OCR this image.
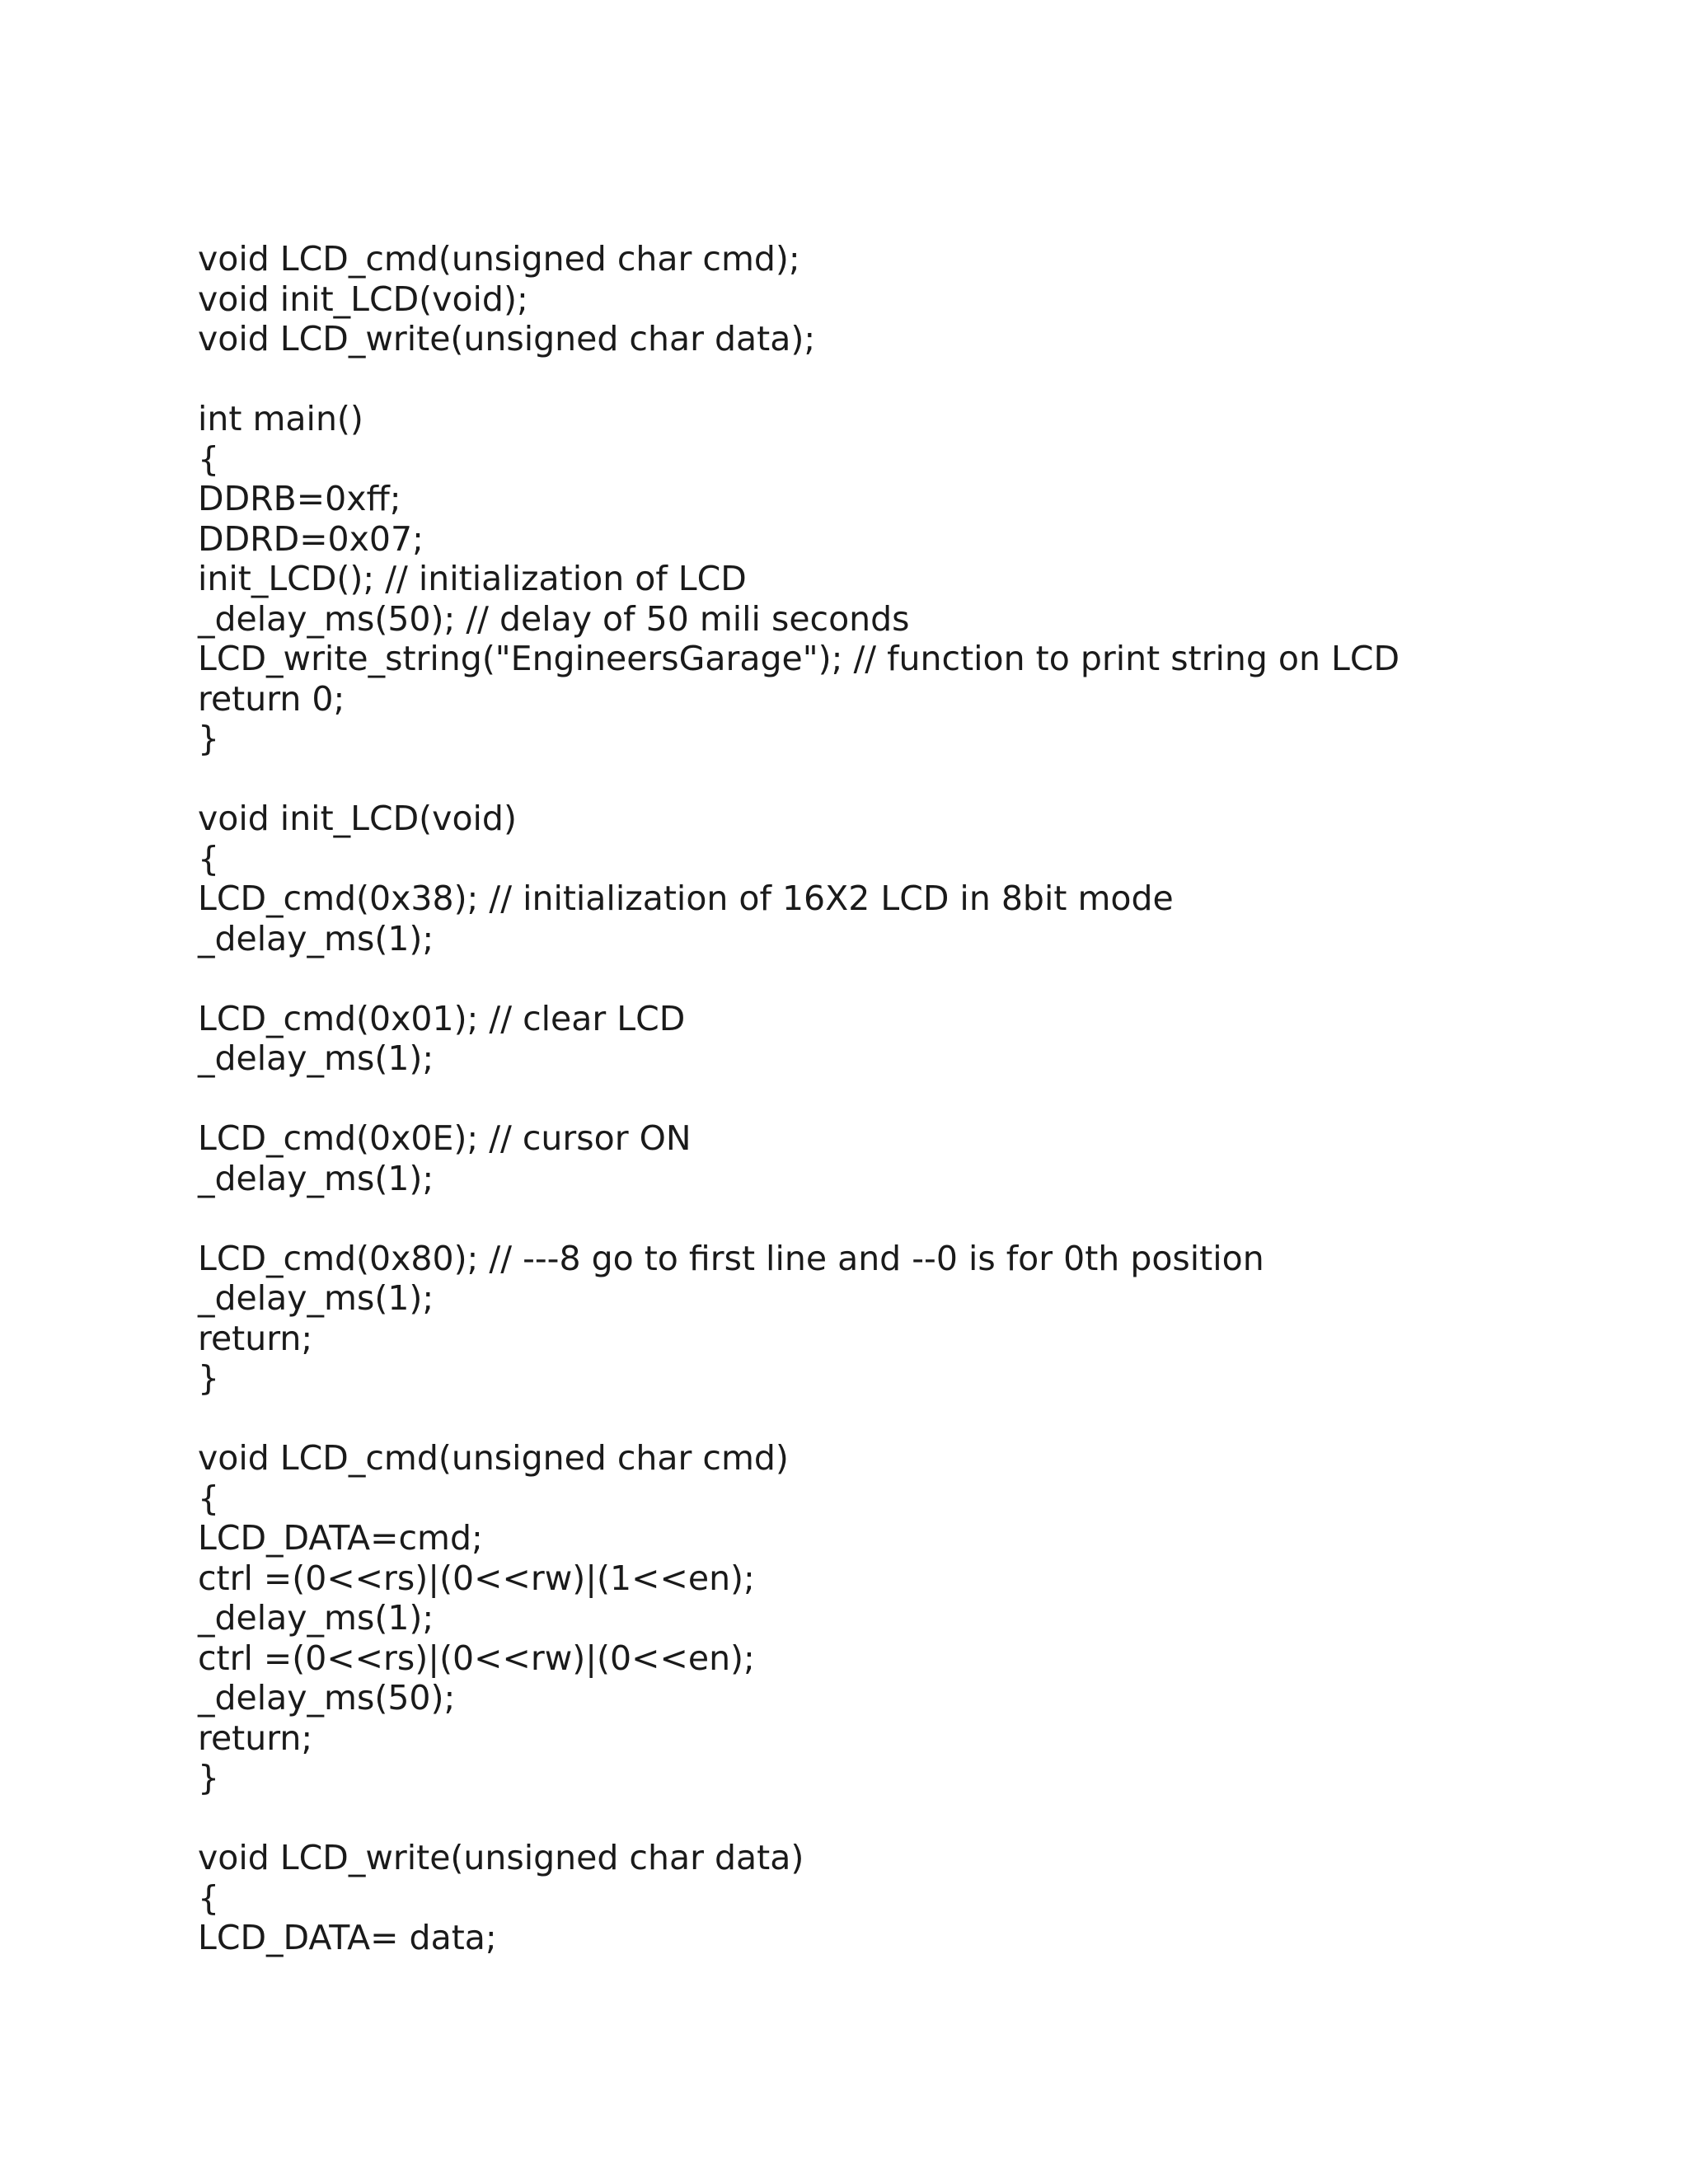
void LCD_cmd(unsigned char cmd);
void init_LCD(void);
void LCD_write(unsigned char data);
int main()
{
DDRB=0xff;
DDRD=0x07;
init_LCD(); // initialization of LCD
_delay_ms(50); // delay of 50 mili seconds
LCD_write_string("EngineersGarage"); // function to print string on LCD
return 0;
}
void init_LCD(void)
{
LCD_cmd(0x38); // initialization of 16X2 LCD in 8bit mode
_delay_ms(1);
LCD_cmd(0x01); // clear LCD
_delay_ms(1);
LCD_cmd(0x0E); // cursor ON
_delay_ms(1);
LCD_cmd(0x80); // ---8 go to first line and --0 is for 0th position
_delay_ms(1);
return;
}
void LCD_cmd(unsigned char cmd)
{
LCD_DATA=cmd;
ctrl =(0<<rs)|(0<<rw)|(1<<en);
_delay_ms(1);
ctrl =(0<<rs)|(0<<rw)|(0<<en);
_delay_ms(50);
return;
}
void LCD_write(unsigned char data)
{
LCD_DATA= data;
